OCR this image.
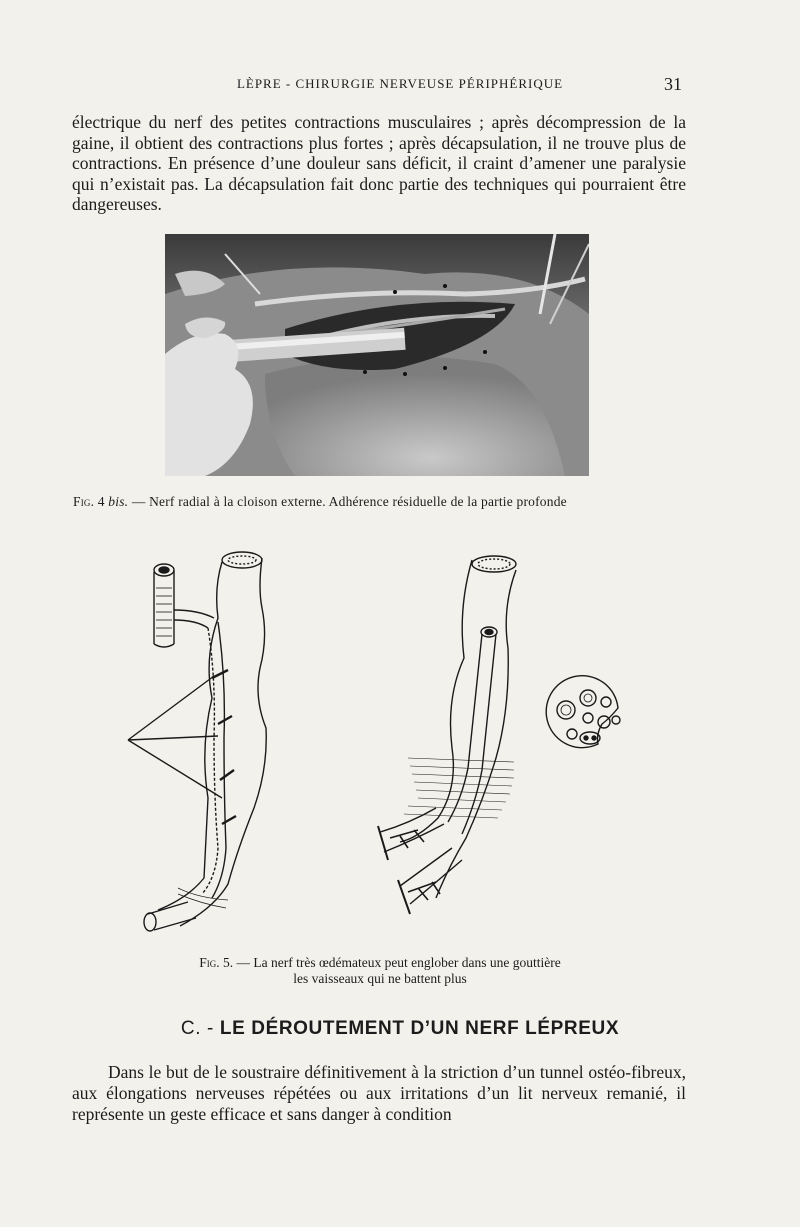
LÈPRE - CHIRURGIE NERVEUSE PÉRIPHÉRIQUE	31

électrique du nerf des petites contractions musculaires ; après décompression de la gaine, il obtient des contractions plus fortes ; après décapsulation, il ne trouve plus de contractions. En présence d’une douleur sans déficit, il craint d’amener une paralysie qui n’existait pas. La décapsulation fait donc partie des techniques qui pourraient être dangereuses.

Fig. 4 bis. — Nerf radial à la cloison externe. Adhérence résiduelle de la partie profonde
Fig. 5. — La nerf très œdémateux peut englober dans une gouttière
les vaisseaux qui ne battent plus
C. - LE DÉROUTEMENT D’UN NERF LÉPREUX

Dans le but de le soustraire définitivement à la striction d’un tunnel ostéo-fibreux, aux élongations nerveuses répétées ou aux irritations d’un lit nerveux remanié, il représente un geste efficace et sans danger à condition
